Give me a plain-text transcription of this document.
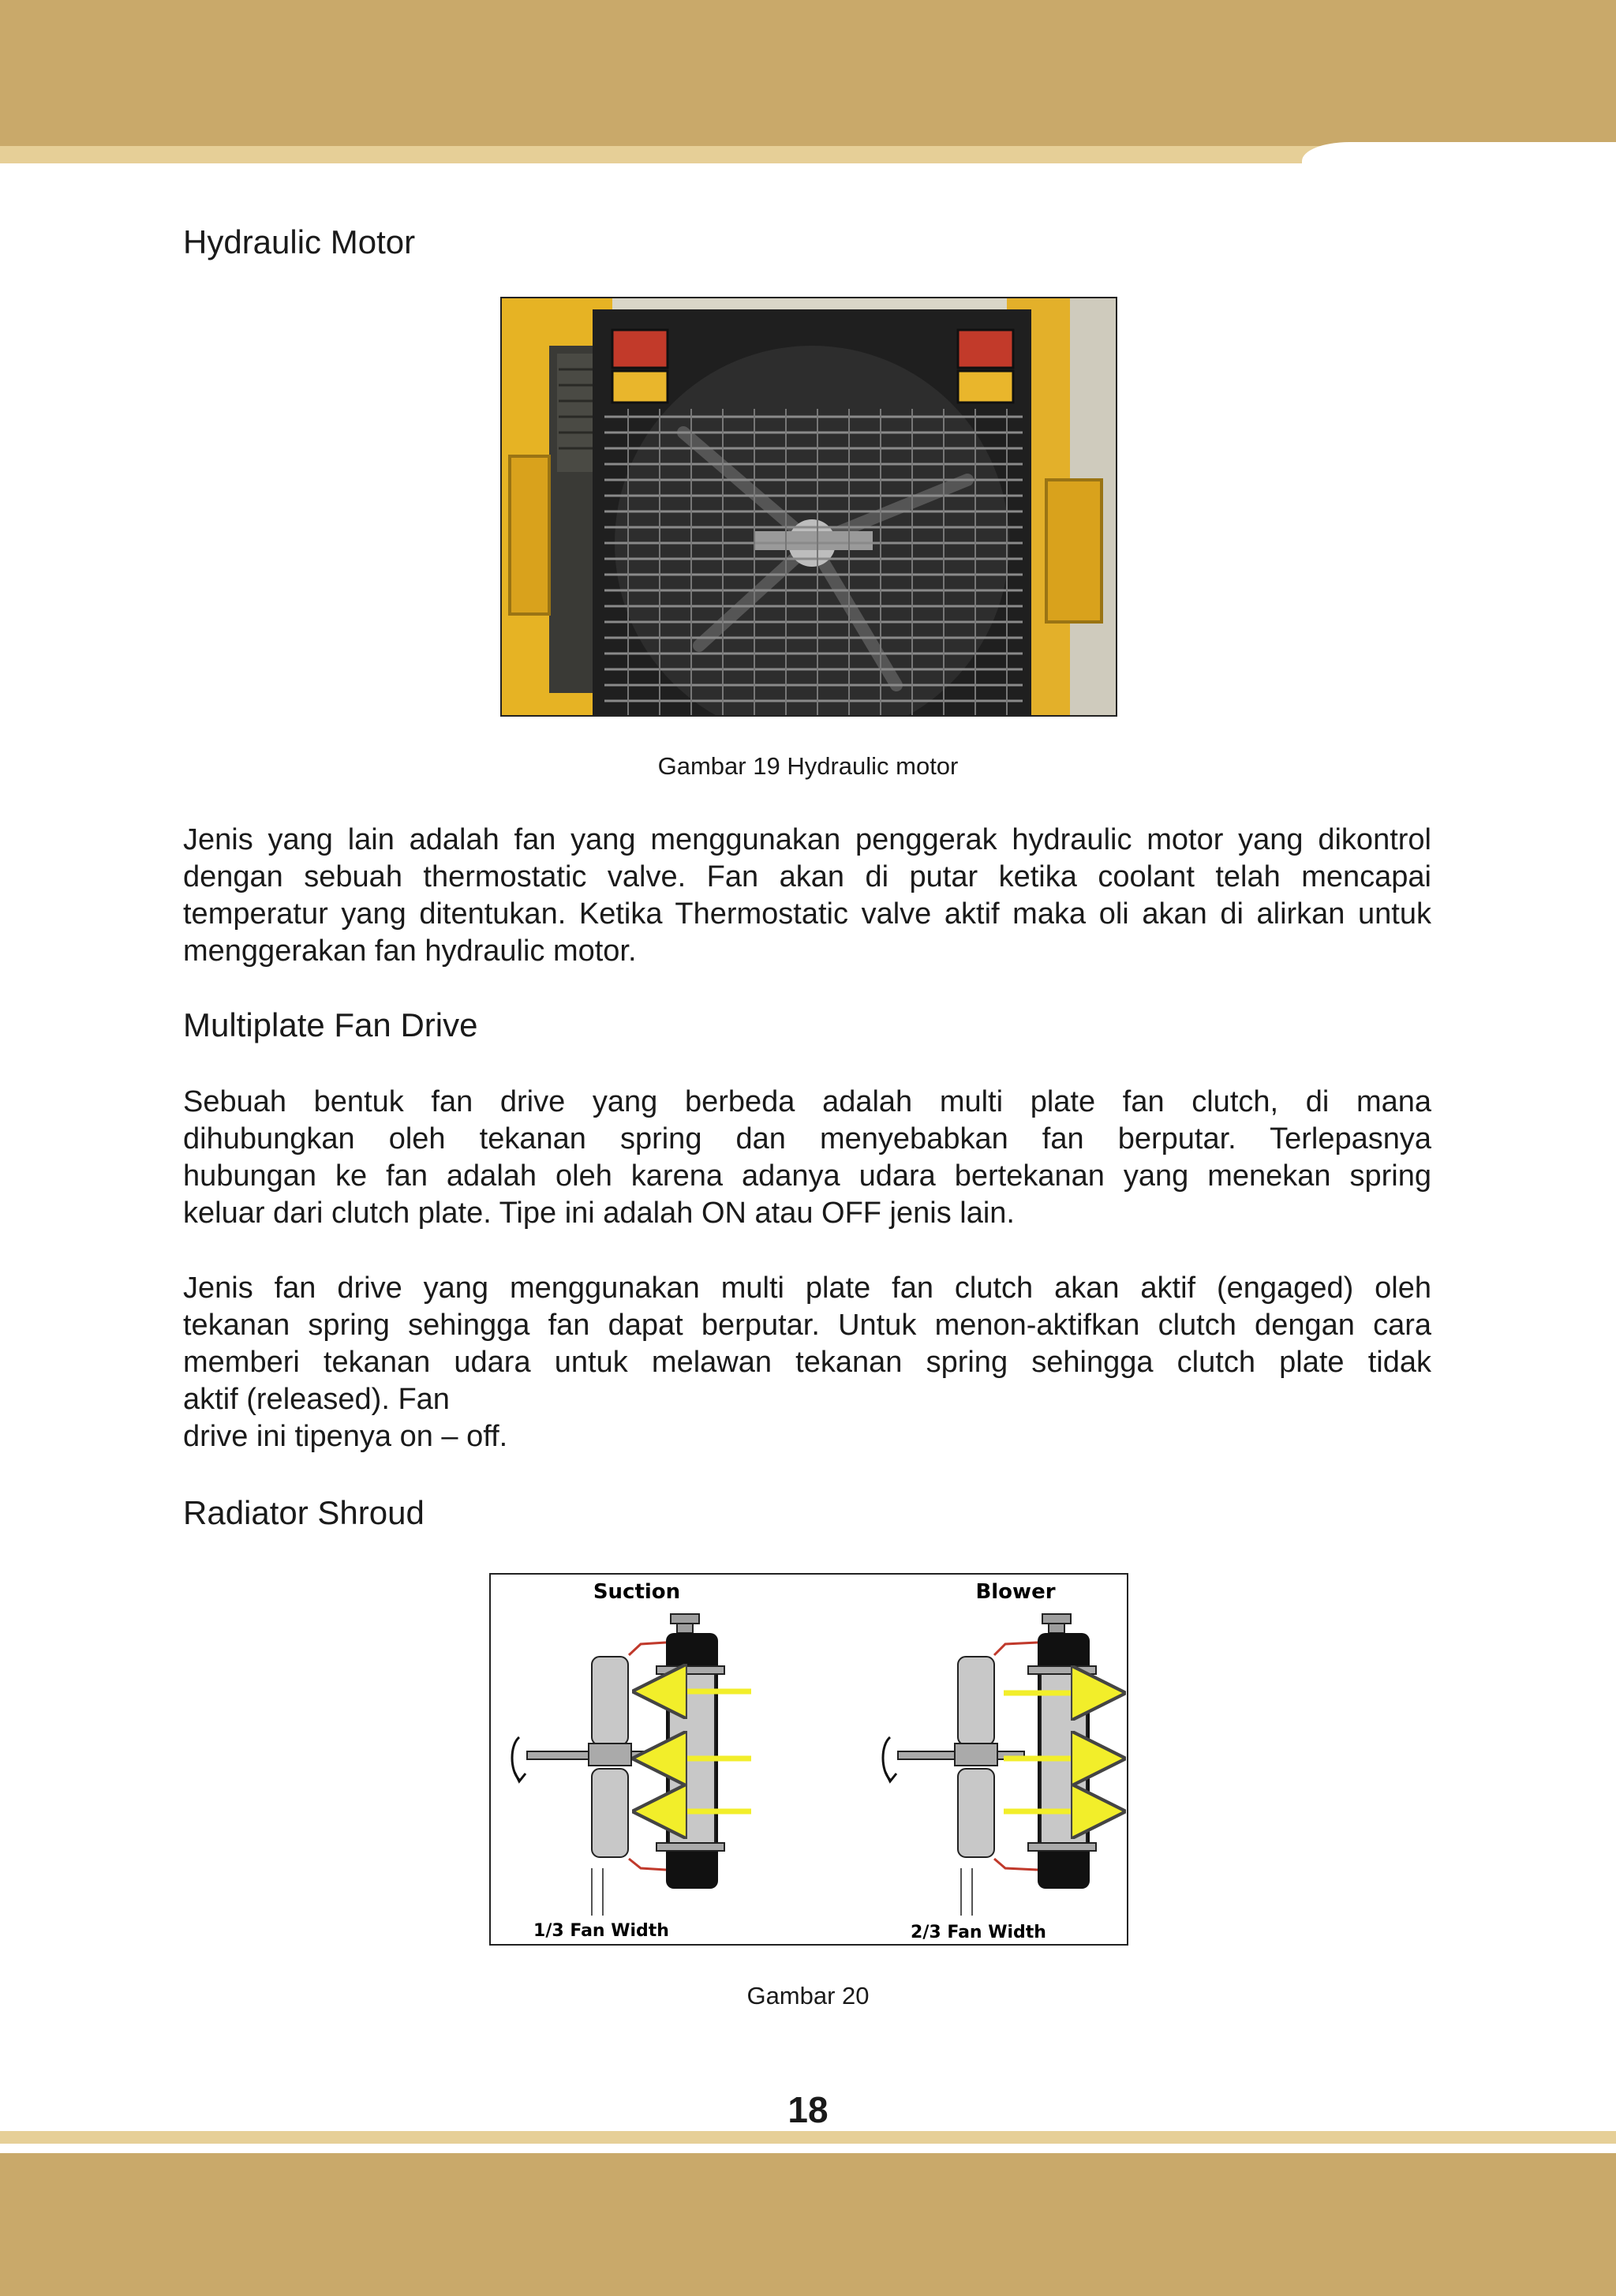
Hydraulic Motor
Gambar 19 Hydraulic motor
Jenis yang lain adalah fan yang menggunakan penggerak hydraulic motor yang dikontrol
dengan sebuah thermostatic valve. Fan akan di putar ketika coolant telah mencapai
temperatur yang ditentukan. Ketika Thermostatic valve aktif maka oli akan di alirkan untuk
menggerakan fan hydraulic motor.
Multiplate Fan Drive
Sebuah bentuk fan drive yang berbeda adalah multi plate fan clutch, di mana
dihubungkan oleh tekanan spring dan menyebabkan fan berputar. Terlepasnya
hubungan ke fan adalah oleh karena adanya udara bertekanan yang menekan spring
keluar dari clutch plate. Tipe ini adalah ON atau OFF jenis lain.
Jenis fan drive yang menggunakan multi plate fan clutch akan aktif (engaged) oleh
tekanan spring sehingga fan dapat berputar. Untuk menon-aktifkan clutch dengan cara
memberi tekanan udara untuk melawan tekanan spring sehingga clutch plate tidak
aktif (released). Fan
drive ini tipenya on – off.
Radiator Shroud
Suction	Blower
1/3 Fan Width	2/3 Fan Width
Gambar 20
18
